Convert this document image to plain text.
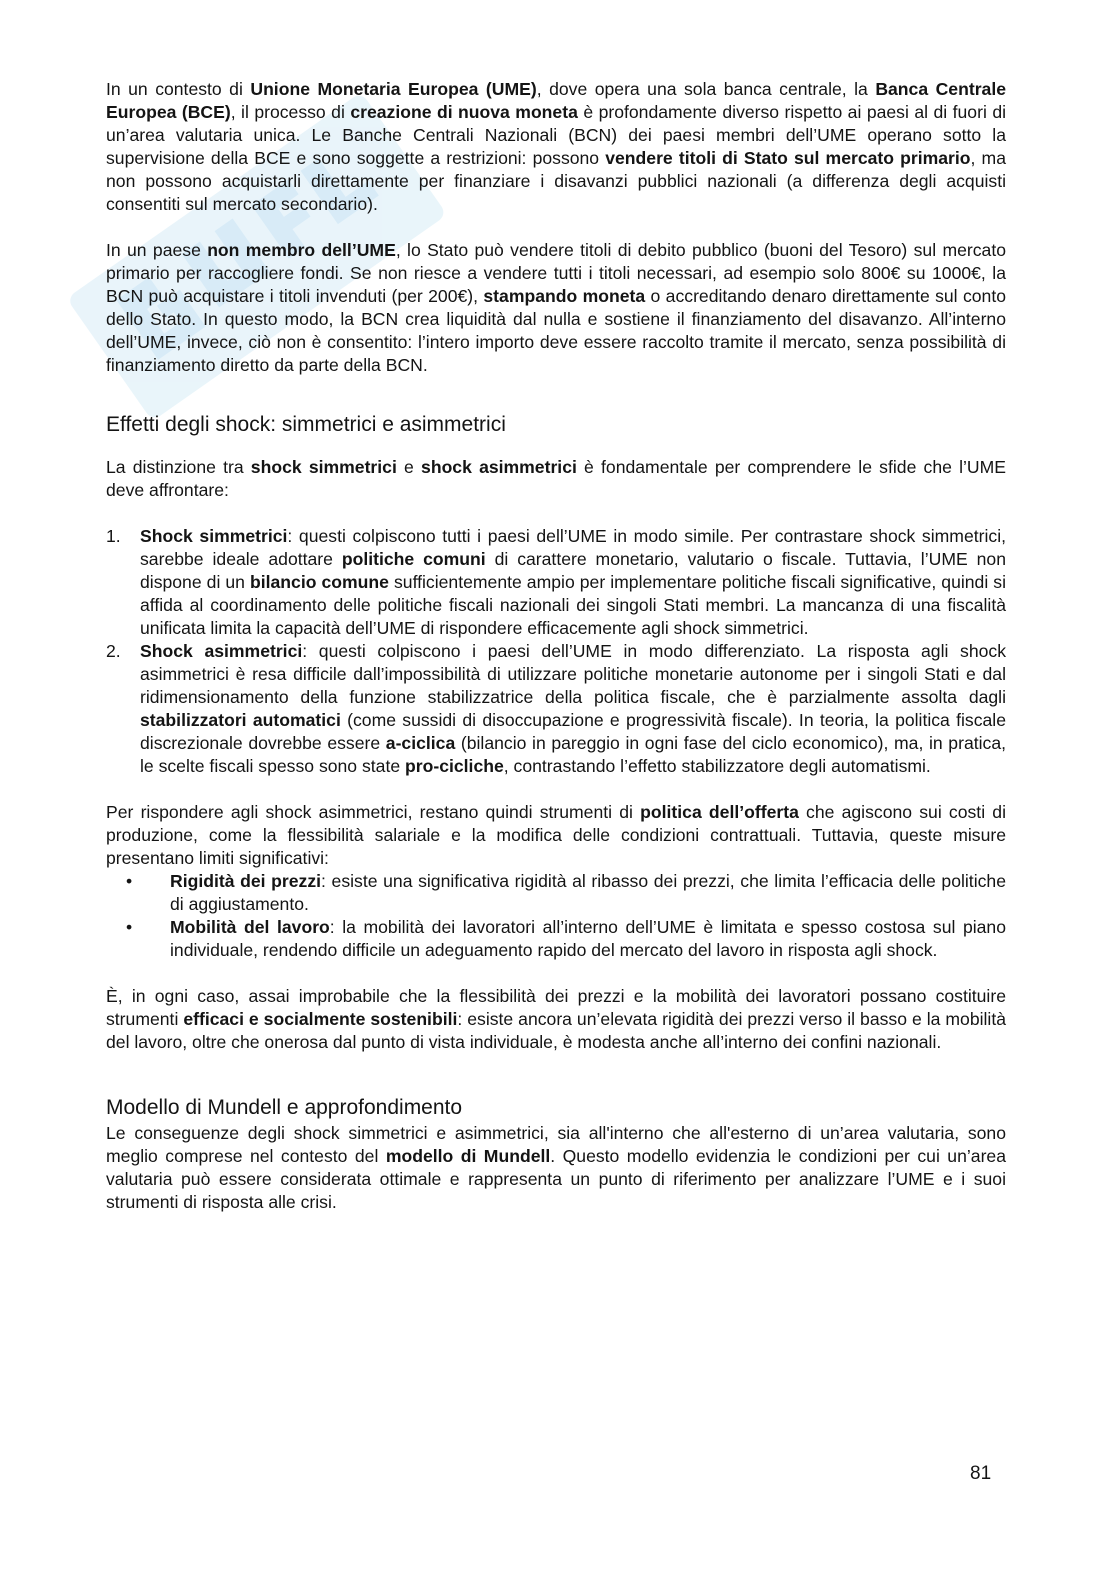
In un contesto di Unione Monetaria Europea (UME), dove opera una sola banca centrale, la Banca Centrale Europea (BCE), il processo di creazione di nuova moneta è profondamente diverso rispetto ai paesi al di fuori di un’area valutaria unica. Le Banche Centrali Nazionali (BCN) dei paesi membri dell’UME operano sotto la supervisione della BCE e sono soggette a restrizioni: possono vendere titoli di Stato sul mercato primario, ma non possono acquistarli direttamente per finanziare i disavanzi pubblici nazionali (a differenza degli acquisti consentiti sul mercato secondario).

In un paese non membro dell’UME, lo Stato può vendere titoli di debito pubblico (buoni del Tesoro) sul mercato primario per raccogliere fondi. Se non riesce a vendere tutti i titoli necessari, ad esempio solo 800€ su 1000€, la BCN può acquistare i titoli invenduti (per 200€), stampando moneta o accreditando denaro direttamente sul conto dello Stato. In questo modo, la BCN crea liquidità dal nulla e sostiene il finanziamento del disavanzo. All’interno dell’UME, invece, ciò non è consentito: l’intero importo deve essere raccolto tramite il mercato, senza possibilità di finanziamento diretto da parte della BCN.

Effetti degli shock: simmetrici e asimmetrici

La distinzione tra shock simmetrici e shock asimmetrici è fondamentale per comprendere le sfide che l’UME deve affrontare:

1. Shock simmetrici: questi colpiscono tutti i paesi dell’UME in modo simile. Per contrastare shock simmetrici, sarebbe ideale adottare politiche comuni di carattere monetario, valutario o fiscale. Tuttavia, l’UME non dispone di un bilancio comune sufficientemente ampio per implementare politiche fiscali significative, quindi si affida al coordinamento delle politiche fiscali nazionali dei singoli Stati membri. La mancanza di una fiscalità unificata limita la capacità dell’UME di rispondere efficacemente agli shock simmetrici.
2. Shock asimmetrici: questi colpiscono i paesi dell’UME in modo differenziato. La risposta agli shock asimmetrici è resa difficile dall’impossibilità di utilizzare politiche monetarie autonome per i singoli Stati e dal ridimensionamento della funzione stabilizzatrice della politica fiscale, che è parzialmente assolta dagli stabilizzatori automatici (come sussidi di disoccupazione e progressività fiscale). In teoria, la politica fiscale discrezionale dovrebbe essere a-ciclica (bilancio in pareggio in ogni fase del ciclo economico), ma, in pratica, le scelte fiscali spesso sono state pro-cicliche, contrastando l’effetto stabilizzatore degli automatismi.

Per rispondere agli shock asimmetrici, restano quindi strumenti di politica dell’offerta che agiscono sui costi di produzione, come la flessibilità salariale e la modifica delle condizioni contrattuali. Tuttavia, queste misure presentano limiti significativi:

• Rigidità dei prezzi: esiste una significativa rigidità al ribasso dei prezzi, che limita l’efficacia delle politiche di aggiustamento.
• Mobilità del lavoro: la mobilità dei lavoratori all’interno dell’UME è limitata e spesso costosa sul piano individuale, rendendo difficile un adeguamento rapido del mercato del lavoro in risposta agli shock.

È, in ogni caso, assai improbabile che la flessibilità dei prezzi e la mobilità dei lavoratori possano costituire strumenti efficaci e socialmente sostenibili: esiste ancora un’elevata rigidità dei prezzi verso il basso e la mobilità del lavoro, oltre che onerosa dal punto di vista individuale, è modesta anche all’interno dei confini nazionali.

Modello di Mundell e approfondimento

Le conseguenze degli shock simmetrici e asimmetrici, sia all'interno che all'esterno di un’area valutaria, sono meglio comprese nel contesto del modello di Mundell. Questo modello evidenzia le condizioni per cui un’area valutaria può essere considerata ottimale e rappresenta un punto di riferimento per analizzare l’UME e i suoi strumenti di risposta alle crisi.

81
